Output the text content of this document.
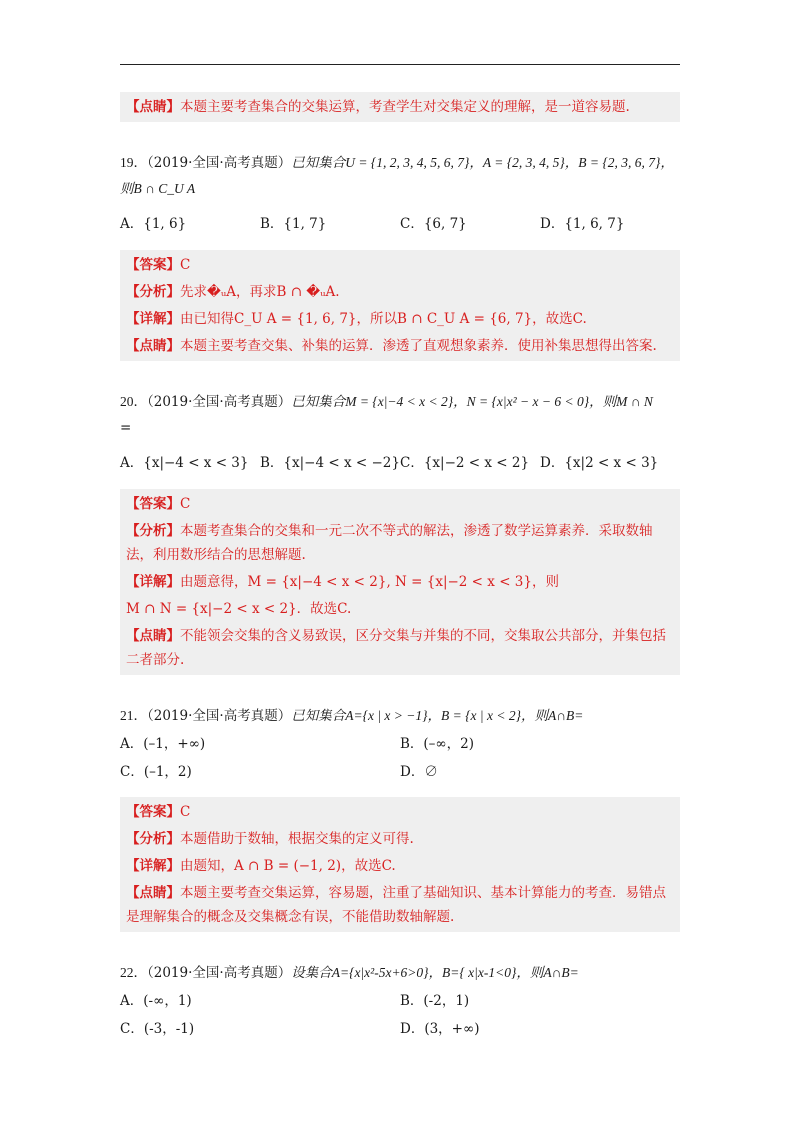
【点睛】本题主要考查集合的交集运算，考查学生对交集定义的理解，是一道容易题.

19．（2019·全国·高考真题）已知集合U = {1, 2, 3, 4, 5, 6, 7}，A = {2, 3, 4, 5}，B = {2, 3, 6, 7}，

则B ∩ C_U A

A．{1, 6}	B．{1, 7}	C．{6, 7}	D．{1, 6, 7}

【答案】C

【分析】先求�ᵤA，再求B ∩ �ᵤA.

【详解】由已知得C_U A = {1, 6, 7}，所以B ∩ C_U A = {6, 7}，故选C.

【点睛】本题主要考查交集、补集的运算．渗透了直观想象素养．使用补集思想得出答案.

20．（2019·全国·高考真题）已知集合M = {x|−4 < x < 2}，N = {x|x² − x − 6 < 0}，则M ∩ N

=

A．{x|−4 < x < 3} B．{x|−4 < x < −2} C．{x|−2 < x < 2} D．{x|2 < x < 3}

【答案】C

【分析】本题考查集合的交集和一元二次不等式的解法，渗透了数学运算素养．采取数轴法，利用数形结合的思想解题.

【详解】由题意得，M = {x|−4 < x < 2}, N = {x|−2 < x < 3}，则

M ∩ N = {x|−2 < x < 2}．故选C.

【点睛】不能领会交集的含义易致误，区分交集与并集的不同，交集取公共部分，并集包括二者部分.

21．（2019·全国·高考真题）已知集合A={x | x > −1}，B = {x | x < 2}，则A∩B=

A．(–1，+∞)	B．(–∞，2)
C．(–1，2)	D．∅

【答案】C

【分析】本题借助于数轴，根据交集的定义可得.

【详解】由题知，A ∩ B = (−1, 2)，故选C.

【点睛】本题主要考查交集运算，容易题，注重了基础知识、基本计算能力的考查．易错点是理解集合的概念及交集概念有误，不能借助数轴解题.

22．（2019·全国·高考真题）设集合A={x|x²-5x+6>0}，B={ x|x-1<0}，则A∩B=

A．(-∞，1)	B．(-2，1)
C．(-3，-1)	D．(3，+∞)
